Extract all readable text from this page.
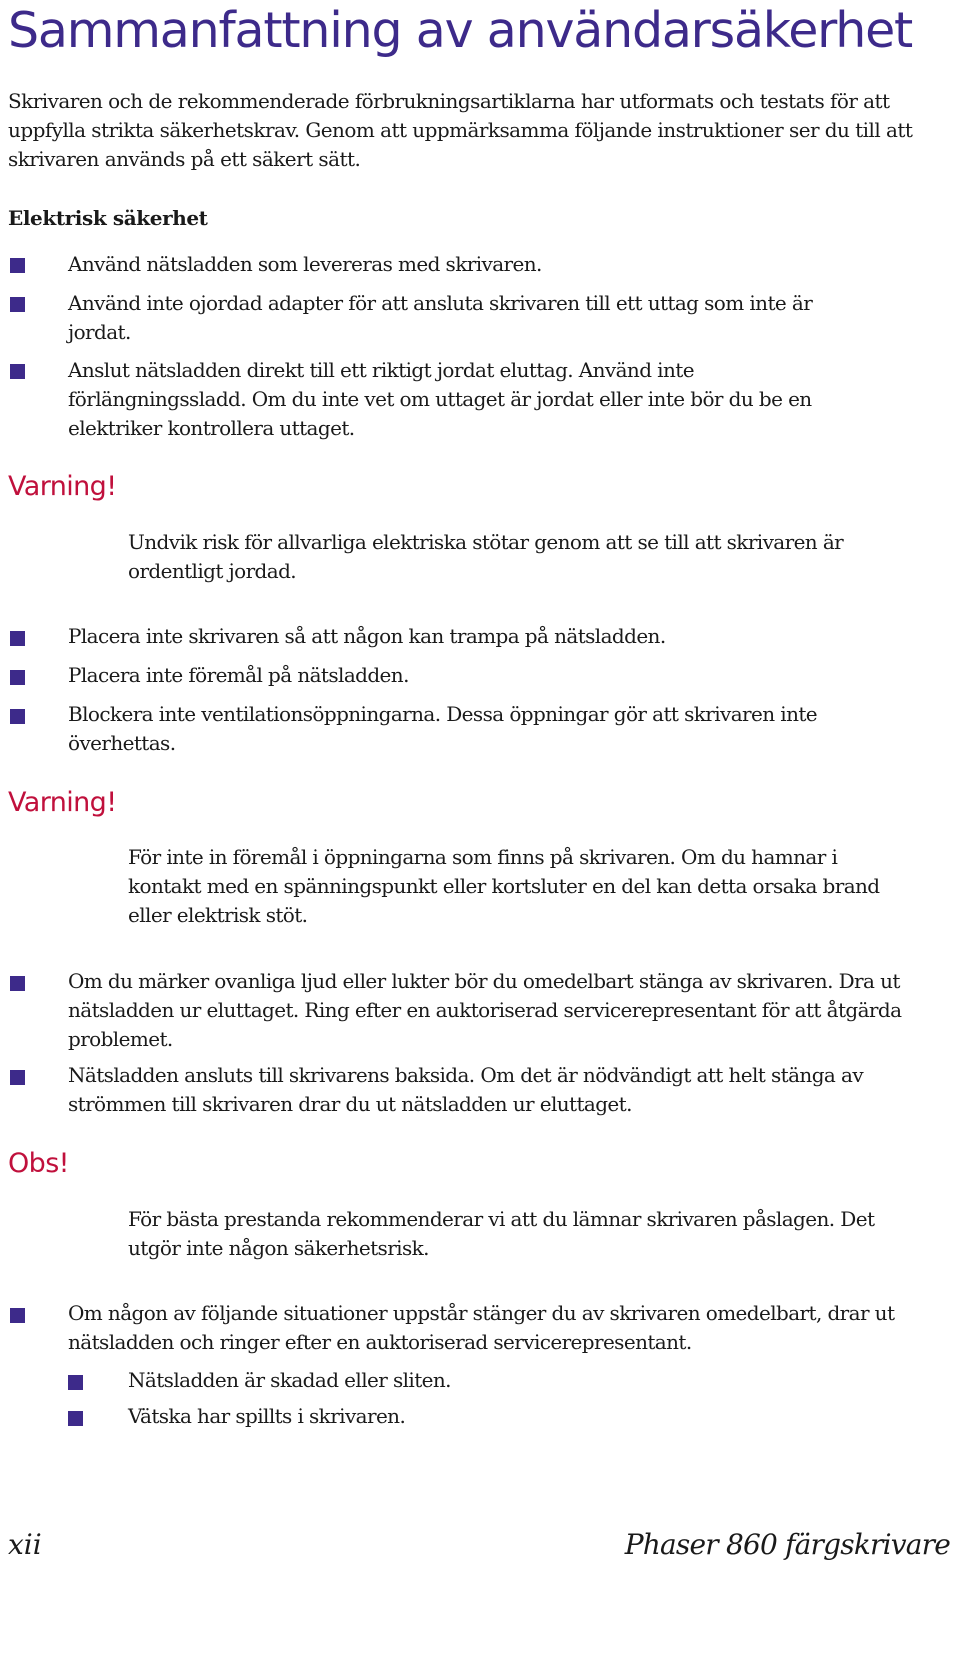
Sammanfattning av användarsäkerhet
Skrivaren och de rekommenderade förbrukningsartiklarna har utformats och testats för att uppfylla strikta säkerhetskrav. Genom att uppmärksamma följande instruktioner ser du till att skrivaren används på ett säkert sätt.
Elektrisk säkerhet
Använd nätsladden som levereras med skrivaren.
Använd inte ojordad adapter för att ansluta skrivaren till ett uttag som inte är jordat.
Anslut nätsladden direkt till ett riktigt jordat eluttag. Använd inte förlängningssladd. Om du inte vet om uttaget är jordat eller inte bör du be en elektriker kontrollera uttaget.
Varning!
Undvik risk för allvarliga elektriska stötar genom att se till att skrivaren är ordentligt jordad.
Placera inte skrivaren så att någon kan trampa på nätsladden.
Placera inte föremål på nätsladden.
Blockera inte ventilationsöppningarna. Dessa öppningar gör att skrivaren inte överhettas.
Varning!
För inte in föremål i öppningarna som finns på skrivaren. Om du hamnar i kontakt med en spänningspunkt eller kortsluter en del kan detta orsaka brand eller elektrisk stöt.
Om du märker ovanliga ljud eller lukter bör du omedelbart stänga av skrivaren. Dra ut nätsladden ur eluttaget. Ring efter en auktoriserad servicerepresentant för att åtgärda problemet.
Nätsladden ansluts till skrivarens baksida. Om det är nödvändigt att helt stänga av strömmen till skrivaren drar du ut nätsladden ur eluttaget.
Obs!
För bästa prestanda rekommenderar vi att du lämnar skrivaren påslagen. Det utgör inte någon säkerhetsrisk.
Om någon av följande situationer uppstår stänger du av skrivaren omedelbart, drar ut nätsladden och ringer efter en auktoriserad servicerepresentant.
Nätsladden är skadad eller sliten.
Vätska har spillts i skrivaren.
xii	Phaser 860 färgskrivare
